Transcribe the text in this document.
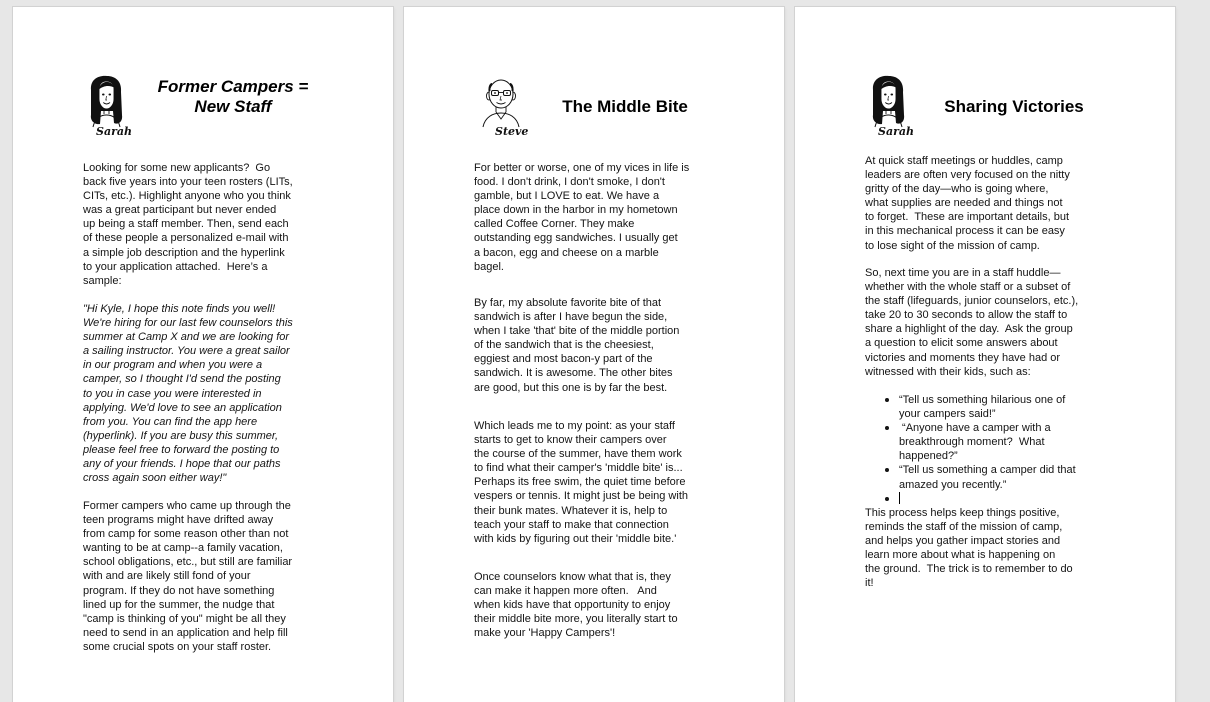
Sarah
Former Campers =
New Staff
Looking for some new applicants?  Go
back five years into your teen rosters (LITs,
CITs, etc.). Highlight anyone who you think
was a great participant but never ended
up being a staff member. Then, send each
of these people a personalized e-mail with
a simple job description and the hyperlink
to your application attached.  Here’s a
sample:
"Hi Kyle, I hope this note finds you well!
We're hiring for our last few counselors this
summer at Camp X and we are looking for
a sailing instructor. You were a great sailor
in our program and when you were a
camper, so I thought I'd send the posting
to you in case you were interested in
applying. We'd love to see an application
from you. You can find the app here
(hyperlink). If you are busy this summer,
please feel free to forward the posting to
any of your friends. I hope that our paths
cross again soon either way!"
Former campers who came up through the
teen programs might have drifted away
from camp for some reason other than not
wanting to be at camp--a family vacation,
school obligations, etc., but still are familiar
with and are likely still fond of your
program. If they do not have something
lined up for the summer, the nudge that
"camp is thinking of you" might be all they
need to send in an application and help fill
some crucial spots on your staff roster.
Steve
The Middle Bite
For better or worse, one of my vices in life is
food. I don't drink, I don't smoke, I don't
gamble, but I LOVE to eat. We have a
place down in the harbor in my hometown
called Coffee Corner. They make
outstanding egg sandwiches. I usually get
a bacon, egg and cheese on a marble
bagel.
By far, my absolute favorite bite of that
sandwich is after I have begun the side,
when I take 'that' bite of the middle portion
of the sandwich that is the cheesiest,
eggiest and most bacon-y part of the
sandwich. It is awesome. The other bites
are good, but this one is by far the best.
Which leads me to my point: as your staff
starts to get to know their campers over
the course of the summer, have them work
to find what their camper's 'middle bite' is...
Perhaps its free swim, the quiet time before
vespers or tennis. It might just be being with
their bunk mates. Whatever it is, help to
teach your staff to make that connection
with kids by figuring out their 'middle bite.'
Once counselors know what that is, they
can make it happen more often.   And
when kids have that opportunity to enjoy
their middle bite more, you literally start to
make your 'Happy Campers'!
Sarah
Sharing Victories
At quick staff meetings or huddles, camp
leaders are often very focused on the nitty
gritty of the day—who is going where,
what supplies are needed and things not
to forget.  These are important details, but
in this mechanical process it can be easy
to lose sight of the mission of camp.
So, next time you are in a staff huddle—
whether with the whole staff or a subset of
the staff (lifeguards, junior counselors, etc.),
take 20 to 30 seconds to allow the staff to
share a highlight of the day.  Ask the group
a question to elicit some answers about
victories and moments they have had or
witnessed with their kids, such as:
“Tell us something hilarious one of
your campers said!”
“Anyone have a camper with a
breakthrough moment?  What
happened?”
“Tell us something a camper did that
amazed you recently.”
This process helps keep things positive,
reminds the staff of the mission of camp,
and helps you gather impact stories and
learn more about what is happening on
the ground.  The trick is to remember to do
it!
